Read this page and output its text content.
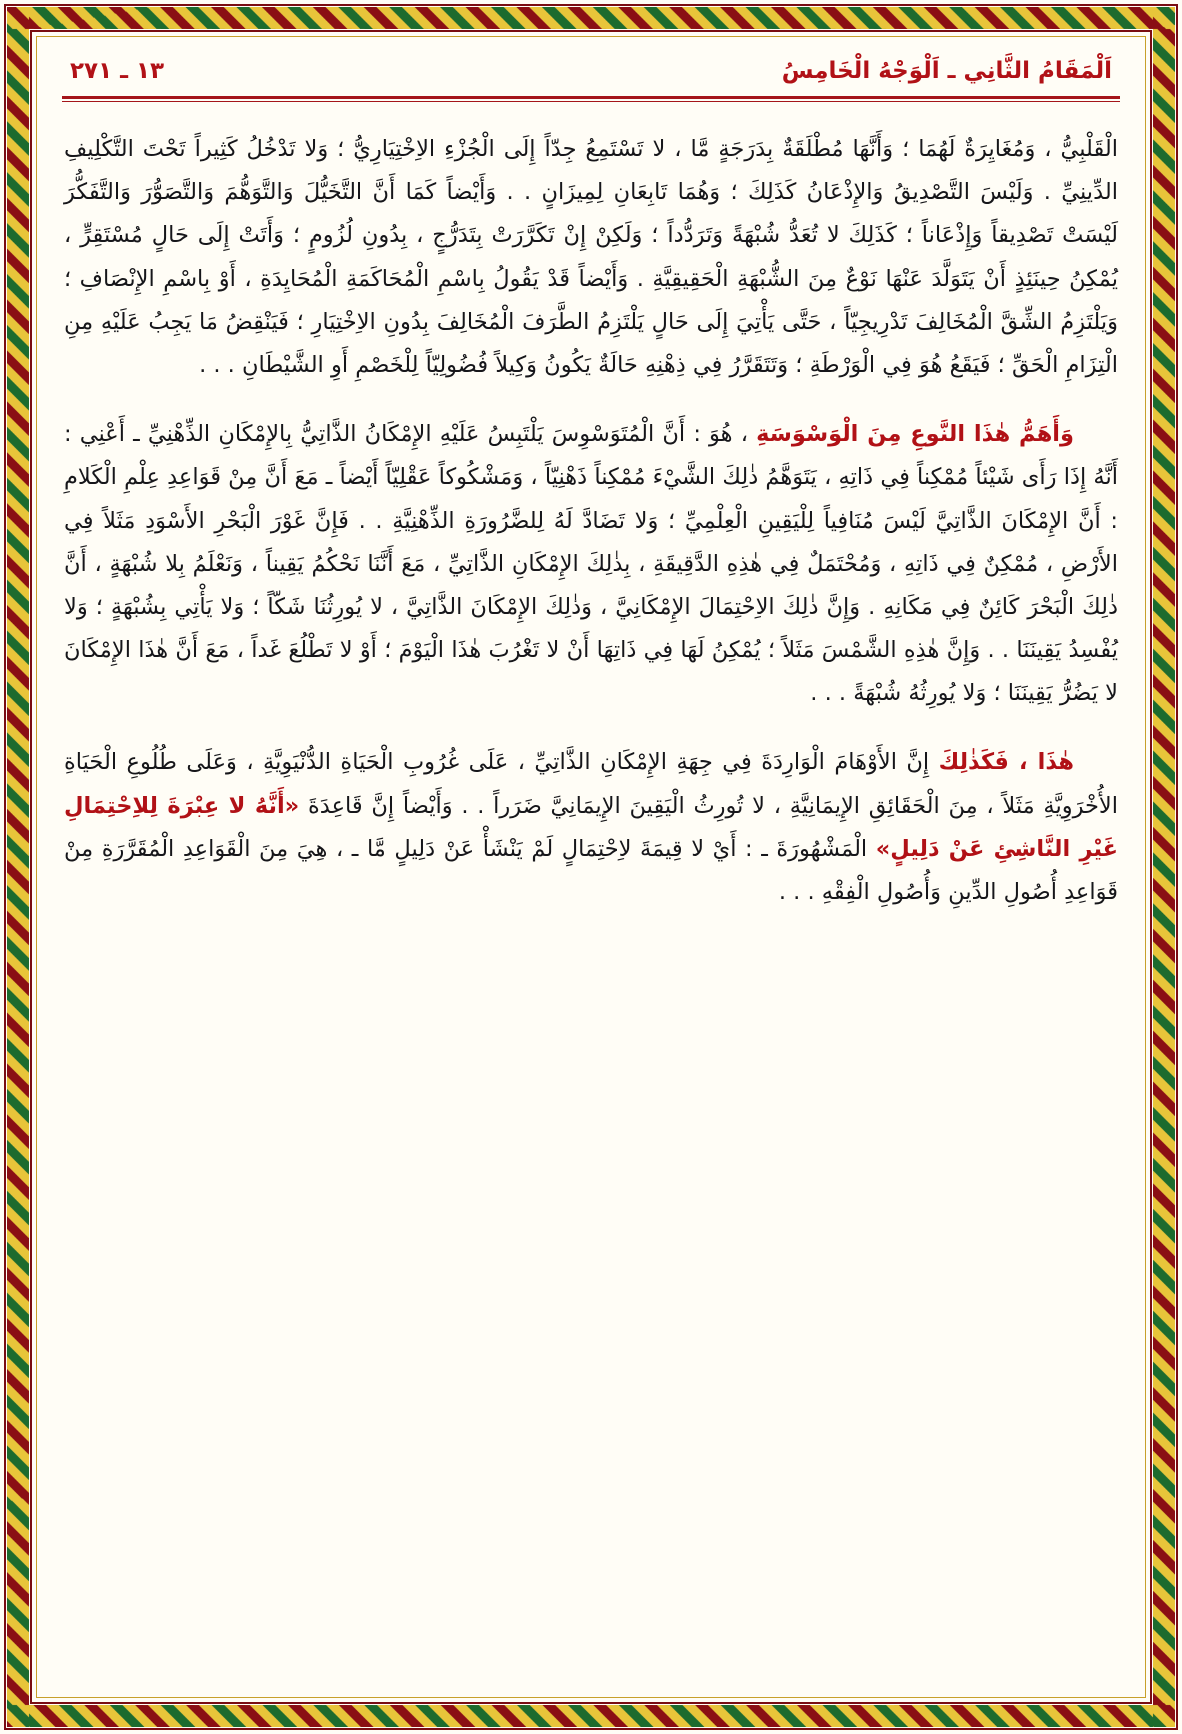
اَلْمَقَامُ الثَّانِي ـ اَلْوَجْهُ الْخَامِسُ
١٣ ـ ٢٧١

الْقَلْبِيُّ ، وَمُغَايِرَةٌ لَهُمَا ؛ وَأَنَّهَا مُطْلَقَةٌ بِدَرَجَةٍ مَّا ، لا تَسْتَمِعُ جِدّاً إِلَى الْجُزْءِ الاِخْتِيَارِيُّ ؛ وَلا تَدْخُلُ كَثِيراً تَحْتَ التَّكْلِيفِ الدِّينِيِّ . وَلَيْسَ التَّصْدِيقُ وَالإِذْعَانُ كَذَلِكَ ؛ وَهُمَا تَابِعَانِ لِمِيزَانٍ . . وَأَيْضاً كَمَا أَنَّ التَّخَيُّلَ وَالتَّوَهُّمَ وَالتَّصَوُّرَ وَالتَّفَكُّرَ لَيْسَتْ تَصْدِيقاً وَإِذْعَاناً ؛ كَذَلِكَ لا تُعَدُّ شُبْهَةً وَتَرَدُّداً ؛ وَلَكِنْ إِنْ تَكَرَّرَتْ بِتَدَرُّجٍ ، بِدُونِ لُزُومٍ ؛ وَأَتَتْ إِلَى حَالٍ مُسْتَقِرٍّ ، يُمْكِنُ حِينَئِذٍ أَنْ يَتَوَلَّدَ عَنْهَا نَوْعٌ مِنَ الشُّبْهَةِ الْحَقِيقِيَّةِ . وَأَيْضاً قَدْ يَقُولُ بِاسْمِ الْمُحَاكَمَةِ الْمُحَايِدَةِ ، أَوْ بِاسْمِ الإِنْصَافِ ؛ وَيَلْتَزِمُ الشِّقَّ الْمُخَالِفَ تَدْرِيجِيّاً ، حَتَّى يَأْتِيَ إِلَى حَالٍ يَلْتَزِمُ الطَّرَفَ الْمُخَالِفَ بِدُونِ الاِخْتِيَارِ ؛ فَيَنْقِضُ مَا يَجِبُ عَلَيْهِ مِنِ الْتِزَامِ الْحَقِّ ؛ فَيَقَعُ هُوَ فِي الْوَرْطَةِ ؛ وَتَتَقَرَّرُ فِي ذِهْنِهِ حَالَةٌ يَكُونُ وَكِيلاً فُضُولِيّاً لِلْخَصْمِ أَوِ الشَّيْطَانِ . . .

وَأَهَمُّ هٰذَا النَّوعِ مِنَ الْوَسْوَسَةِ ، هُوَ : أَنَّ الْمُتَوَسْوِسَ يَلْتَبِسُ عَلَيْهِ الإِمْكَانُ الذَّاتِيُّ بِالإِمْكَانِ الذِّهْنِيِّ ـ أَعْنِي : أَنَّهُ إِذَا رَأَى شَيْئاً مُمْكِناً فِي ذَاتِهِ ، يَتَوَهَّمُ ذٰلِكَ الشَّيْءَ مُمْكِناً ذَهْنِيّاً ، وَمَشْكُوكاً عَقْلِيّاً أَيْضاً ـ مَعَ أَنَّ مِنْ قَوَاعِدِ عِلْمِ الْكَلامِ : أَنَّ الإِمْكَانَ الذَّاتِيَّ لَيْسَ مُنَافِياً لِلْيَقِينِ الْعِلْمِيِّ ؛ وَلا تَضَادَّ لَهُ لِلضَّرُورَةِ الذِّهْنِيَّةِ . . فَإِنَّ غَوْرَ الْبَحْرِ الأَسْوَدِ مَثَلاً فِي الأَرْضِ ، مُمْكِنٌ فِي ذَاتِهِ ، وَمُحْتَمَلٌ فِي هٰذِهِ الدَّقِيقَةِ ، بِذٰلِكَ الإِمْكَانِ الذَّاتِيِّ ، مَعَ أَنَّنَا نَحْكُمُ يَقِيناً ، وَنَعْلَمُ بِلا شُبْهَةٍ ، أَنَّ ذٰلِكَ الْبَحْرَ كَائِنٌ فِي مَكَانِهِ . وَإِنَّ ذٰلِكَ الاِحْتِمَالَ الإِمْكَانِيَّ ، وَذٰلِكَ الإِمْكَانَ الذَّاتِيَّ ، لا يُورِثُنَا شَكّاً ؛ وَلا يَأْتِي بِشُبْهَةٍ ؛ وَلا يُفْسِدُ يَقِينَنَا . . وَإِنَّ هٰذِهِ الشَّمْسَ مَثَلاً ؛ يُمْكِنُ لَهَا فِي ذَاتِهَا أَنْ لا تَغْرُبَ هٰذَا الْيَوْمَ ؛ أَوْ لا تَطْلُعَ غَداً ، مَعَ أَنَّ هٰذَا الإِمْكَانَ لا يَضُرُّ يَقِينَنَا ؛ وَلا يُورِثُهُ شُبْهَةً . . .

هٰذَا ، فَكَذٰلِكَ إِنَّ الأَوْهَامَ الْوَارِدَةَ فِي جِهَةِ الإِمْكَانِ الذَّاتِيِّ ، عَلَى غُرُوبِ الْحَيَاةِ الدُّنْيَوِيَّةِ ، وَعَلَى طُلُوعِ الْحَيَاةِ الأُخْرَوِيَّةِ مَثَلاً ، مِنَ الْحَقَائِقِ الإِيمَانِيَّةِ ، لا تُورِثُ الْيَقِينَ الإِيمَانِيَّ ضَرَراً . . وَأَيْضاً إِنَّ قَاعِدَةَ «أَنَّهُ لا عِبْرَةَ لِلاِحْتِمَالِ غَيْرِ النَّاشِئِ عَنْ دَلِيلٍ» الْمَشْهُورَةَ ـ : أَيْ لا قِيمَةَ لاِحْتِمَالٍ لَمْ يَنْشَأْ عَنْ دَلِيلٍ مَّا ـ ، هِيَ مِنَ الْقَوَاعِدِ الْمُقَرَّرَةِ مِنْ قَوَاعِدِ أُصُولِ الدِّينِ وَأُصُولِ الْفِقْهِ . . .
